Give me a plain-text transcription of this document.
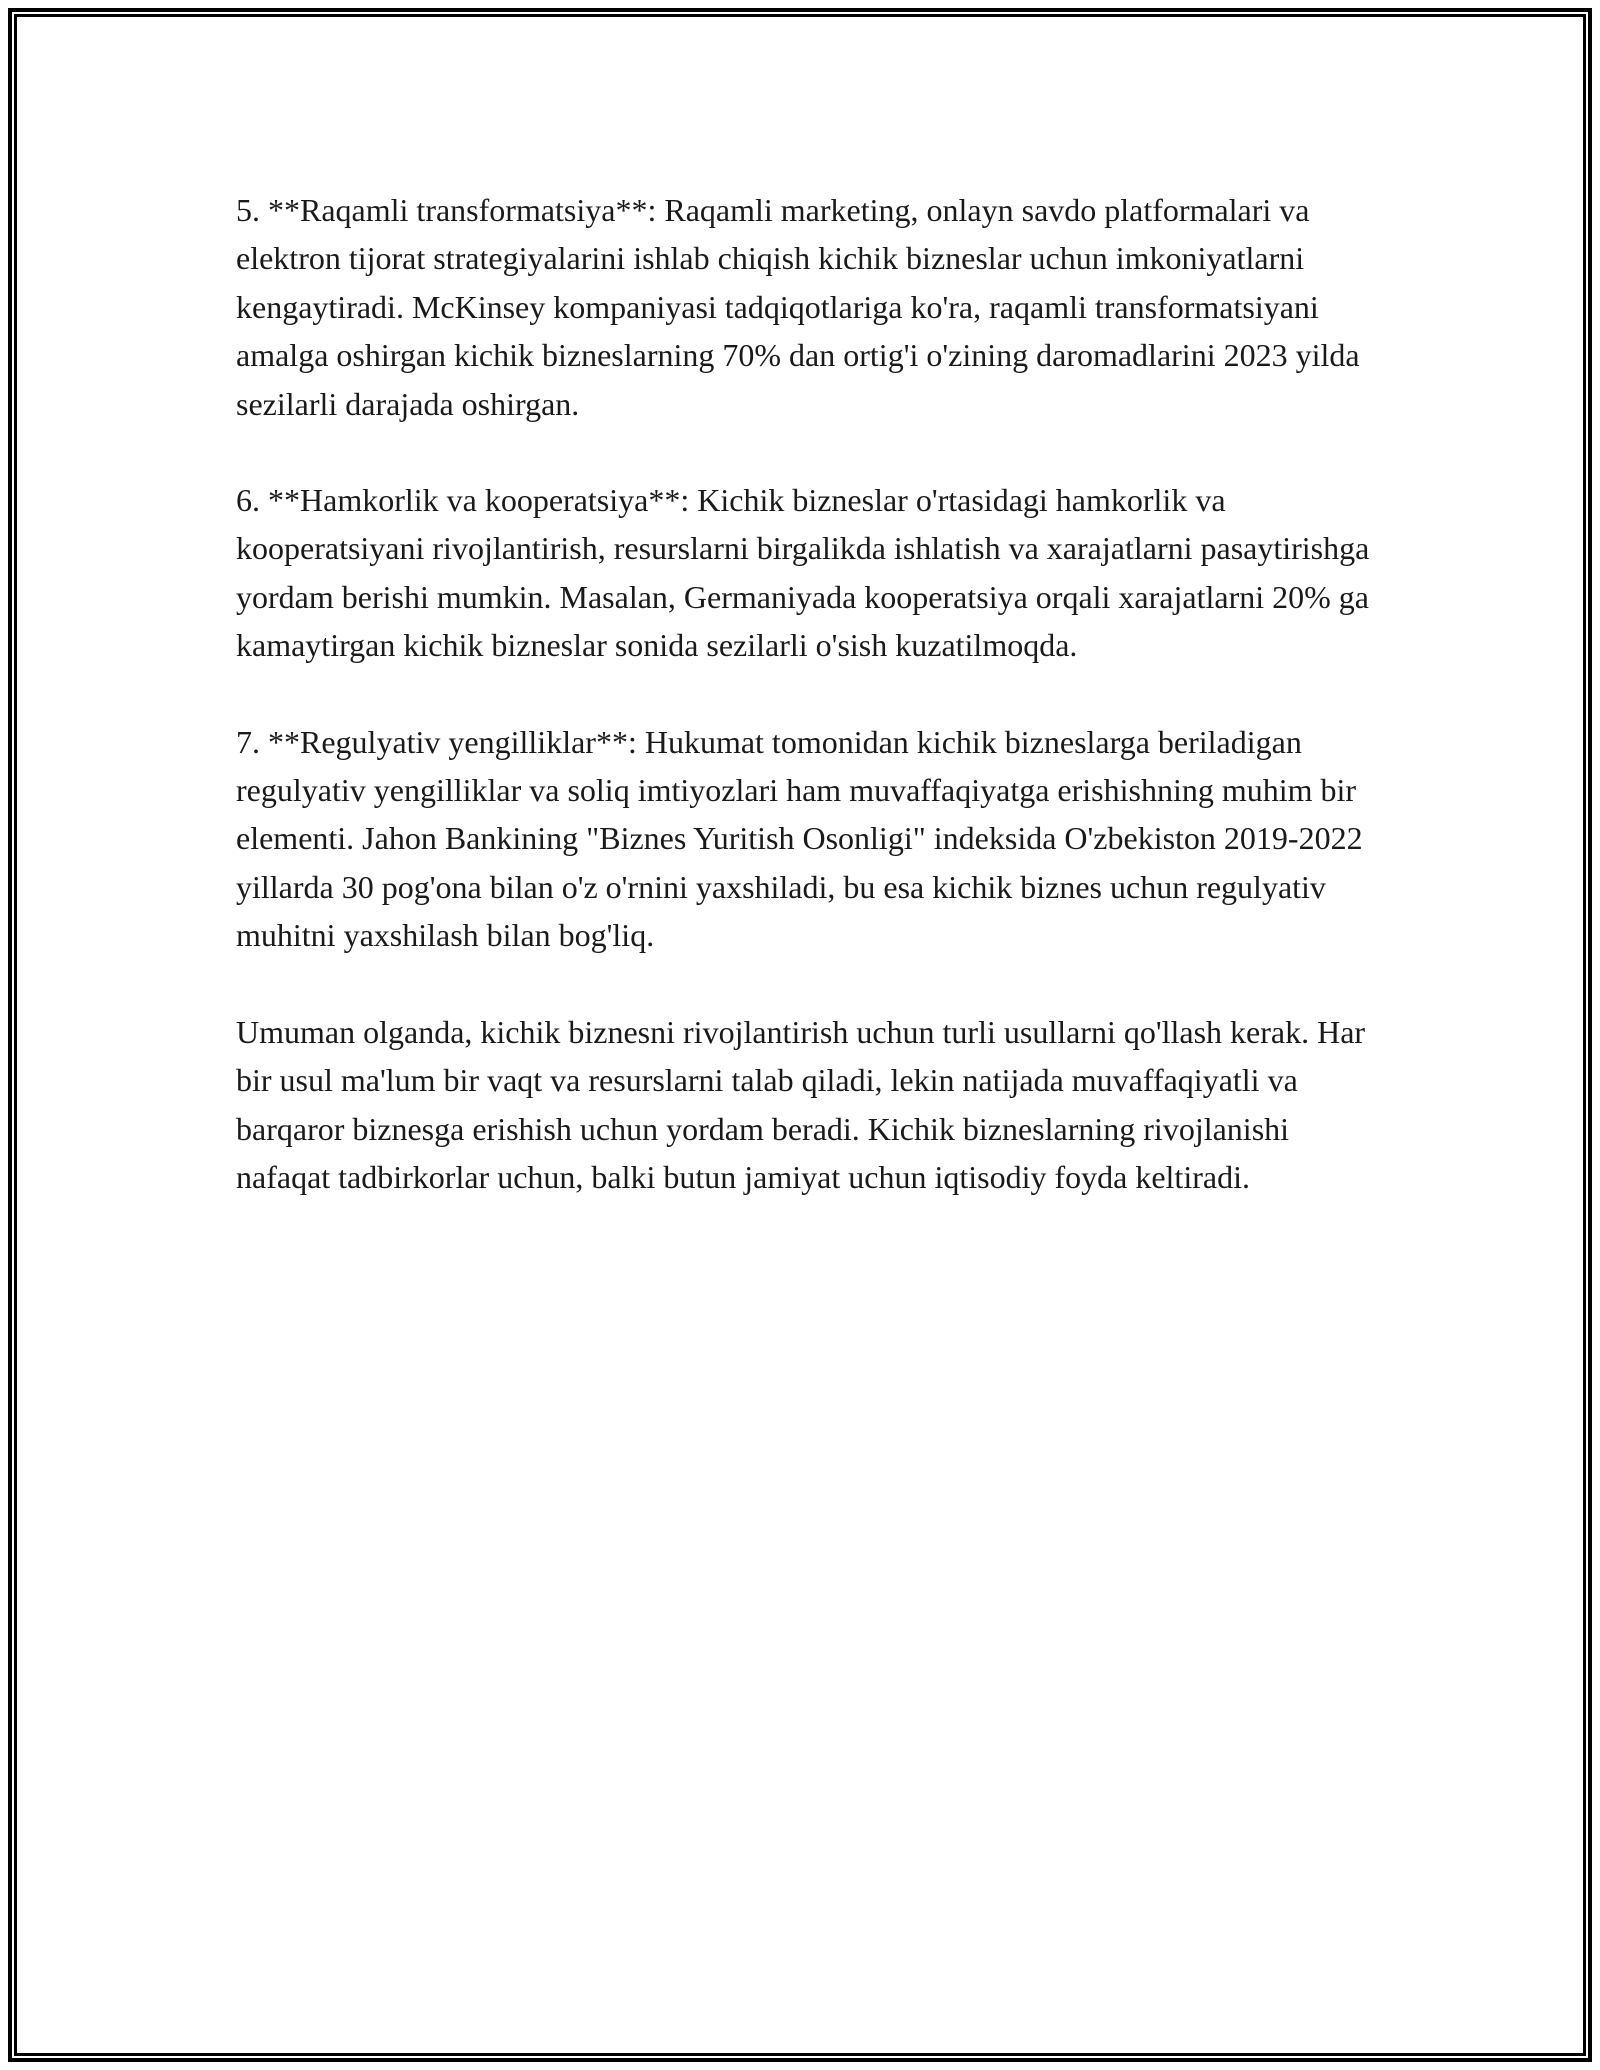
5. **Raqamli transformatsiya**: Raqamli marketing, onlayn savdo platformalari va elektron tijorat strategiyalarini ishlab chiqish kichik bizneslar uchun imkoniyatlarni kengaytiradi. McKinsey kompaniyasi tadqiqotlariga ko'ra, raqamli transformatsiyani amalga oshirgan kichik bizneslarning 70% dan ortig'i o'zining daromadlarini 2023 yilda sezilarli darajada oshirgan.

6. **Hamkorlik va kooperatsiya**: Kichik bizneslar o'rtasidagi hamkorlik va kooperatsiyani rivojlantirish, resurslarni birgalikda ishlatish va xarajatlarni pasaytirishga yordam berishi mumkin. Masalan, Germaniyada kooperatsiya orqali xarajatlarni 20% ga kamaytirgan kichik bizneslar sonida sezilarli o'sish kuzatilmoqda.

7. **Regulyativ yengilliklar**: Hukumat tomonidan kichik bizneslarga beriladigan regulyativ yengilliklar va soliq imtiyozlari ham muvaffaqiyatga erishishning muhim bir elementi. Jahon Bankining "Biznes Yuritish Osonligi" indeksida O'zbekiston 2019-2022 yillarda 30 pog'ona bilan o'z o'rnini yaxshiladi, bu esa kichik biznes uchun regulyativ muhitni yaxshilash bilan bog'liq.

Umuman olganda, kichik biznesni rivojlantirish uchun turli usullarni qo'llash kerak. Har bir usul ma'lum bir vaqt va resurslarni talab qiladi, lekin natijada muvaffaqiyatli va barqaror biznesga erishish uchun yordam beradi. Kichik bizneslarning rivojlanishi nafaqat tadbirkorlar uchun, balki butun jamiyat uchun iqtisodiy foyda keltiradi.
